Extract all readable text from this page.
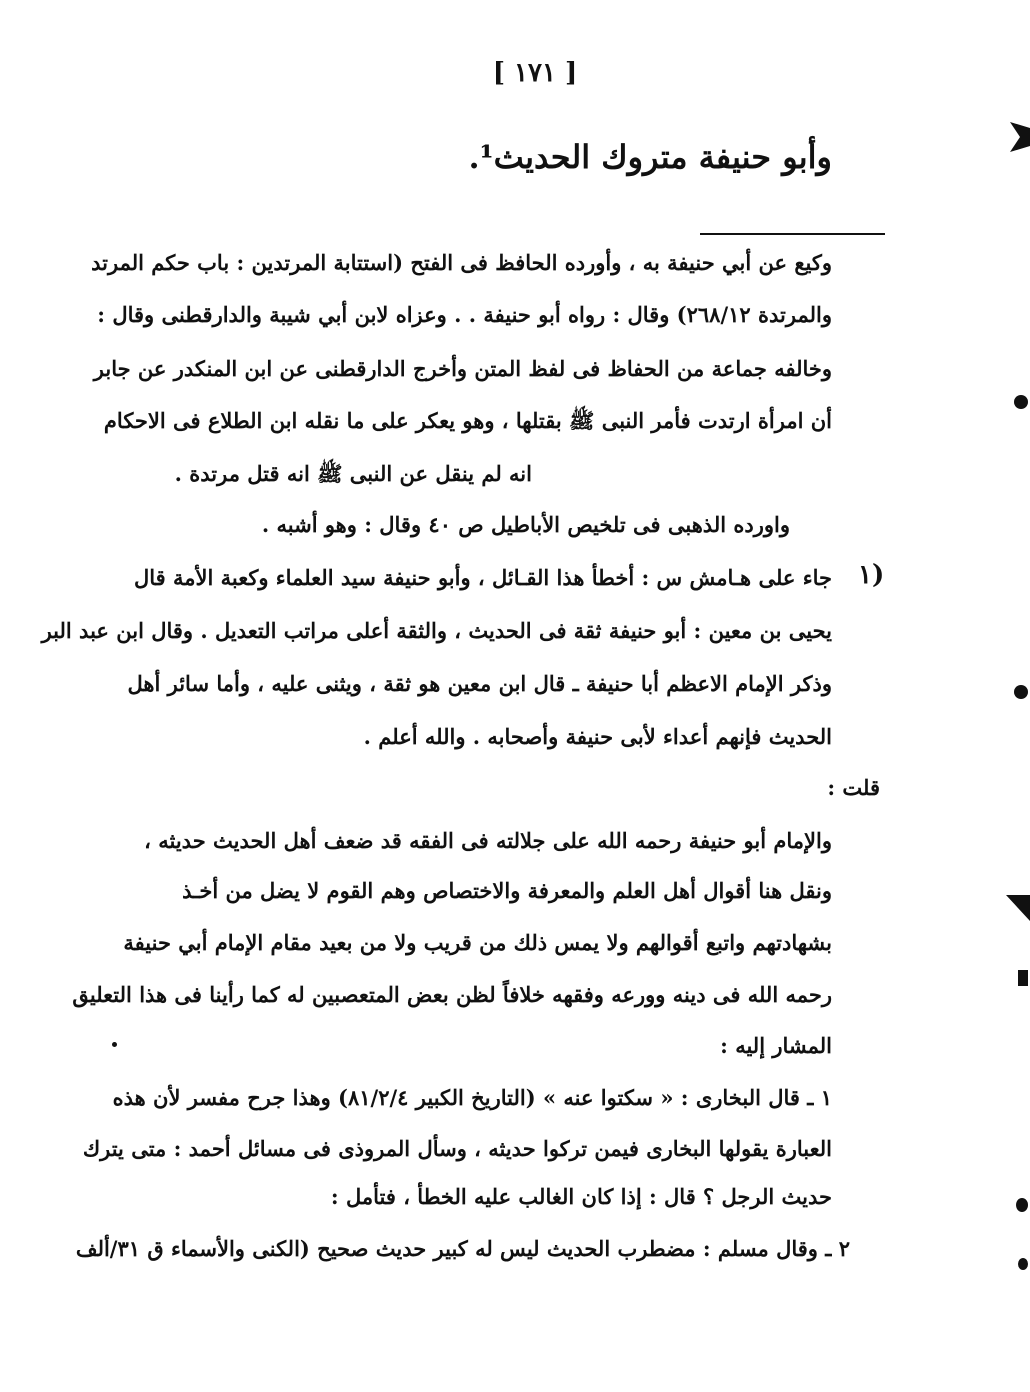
[ ١٧١ ]
وأبو حنيفة متروك الحديث¹.
وكيع عن أبي حنيفة به ، وأورده الحافظ فى الفتح (استتابة المرتدين : باب حكم المرتد
والمرتدة ٢٦٨/١٢) وقال : رواه أبو حنيفة . . وعزاه لابن أبي شيبة والدارقطنى وقال :
وخالفه جماعة من الحفاظ فى لفظ المتن وأخرج الدارقطنى عن ابن المنكدر عن جابر
أن امرأة ارتدت فأمر النبى ﷺ بقتلها ، وهو يعكر على ما نقله ابن الطلاع فى الاحكام
انه لم ينقل عن النبى ﷺ انه قتل مرتدة .
واورده الذهبى فى تلخيص الأباطيل ص ٤٠ وقال : وهو أشبه .
١)
جاء على هـامش س : أخطأ هذا القـائل ، وأبو حنيفة سيد العلماء وكعبة الأمة قال
يحيى بن معين : أبو حنيفة ثقة فى الحديث ، والثقة أعلى مراتب التعديل . وقال ابن عبد البر
وذكر الإمام الاعظم أبا حنيفة ـ قال ابن معين هو ثقة ، ويثنى عليه ، وأما سائر أهل
الحديث فإنهم أعداء لأبى حنيفة وأصحابه . والله أعلم .
قلت :
والإمام أبو حنيفة رحمه الله على جلالته فى الفقه قد ضعف أهل الحديث حديثه ،
ونقل هنا أقوال أهل العلم والمعرفة والاختصاص وهم القوم لا يضل من أخـذ
بشهادتهم واتبع أقوالهم ولا يمس ذلك من قريب ولا من بعيد مقام الإمام أبي حنيفة
رحمه الله فى دينه وورعه وفقهه خلافاً لظن بعض المتعصبين له كما رأينا فى هذا التعليق
المشار إليه :
١ ـ قال البخارى : « سكتوا عنه » (التاريخ الكبير ٨١/٢/٤) وهذا جرح مفسر لأن هذه
العبارة يقولها البخارى فيمن تركوا حديثه ، وسأل المروذى فى مسائل أحمد : متى يترك
حديث الرجل ؟ قال : إذا كان الغالب عليه الخطأ ، فتأمل :
٢ ـ وقال مسلم : مضطرب الحديث ليس له كبير حديث صحيح (الكنى والأسماء ق ٣١/ألف
